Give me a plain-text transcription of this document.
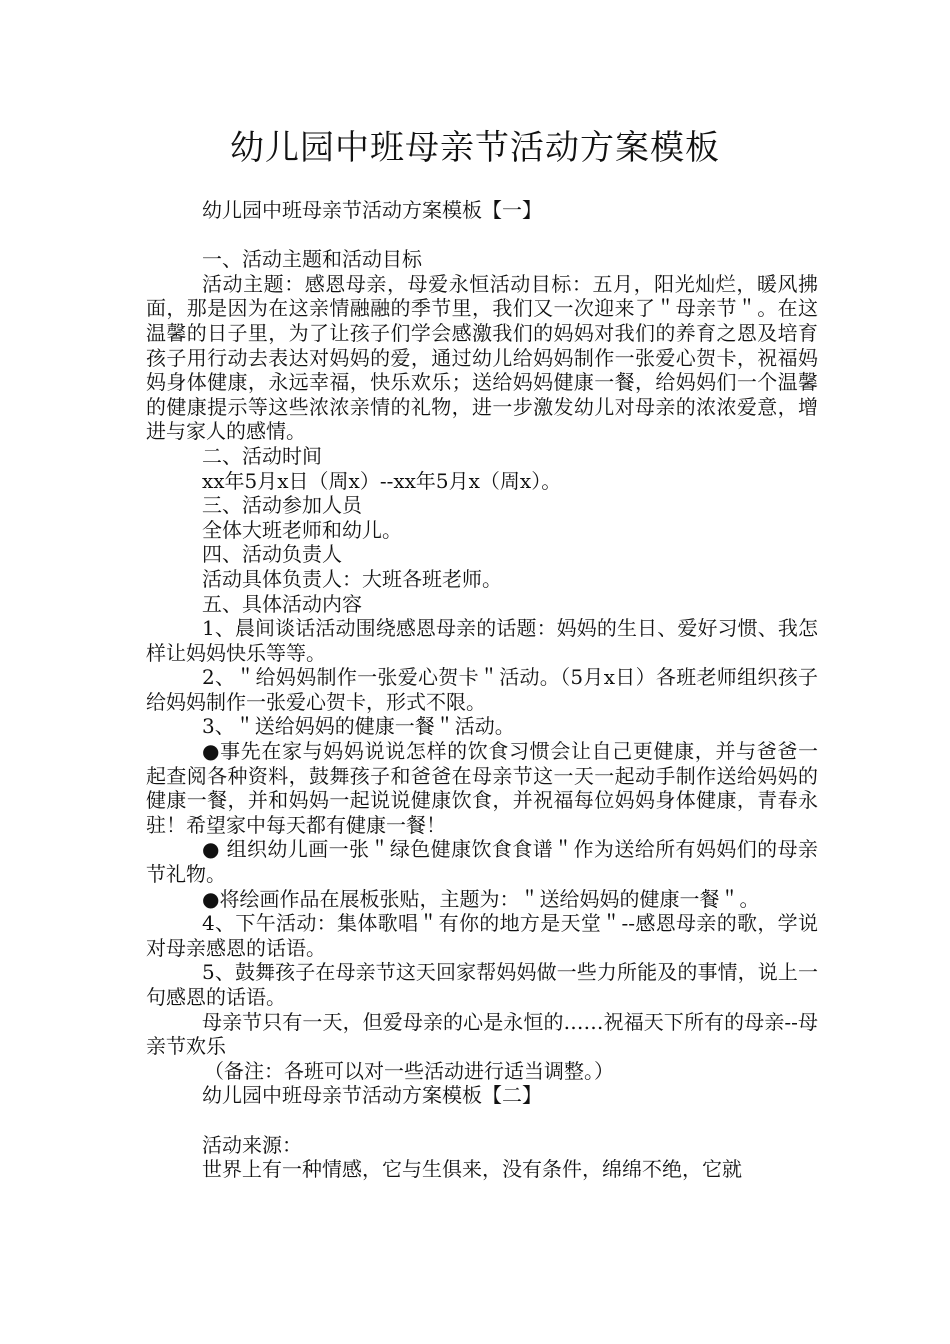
幼儿园中班母亲节活动方案模板

幼儿园中班母亲节活动方案模板【一】

一、活动主题和活动目标

活动主题：感恩母亲，母爱永恒活动目标：五月，阳光灿烂，暖风拂面，那是因为在这亲情融融的季节里，我们又一次迎来了＂母亲节＂。在这温馨的日子里，为了让孩子们学会感激我们的妈妈对我们的养育之恩及培育孩子用行动去表达对妈妈的爱，通过幼儿给妈妈制作一张爱心贺卡，祝福妈妈身体健康，永远幸福，快乐欢乐；送给妈妈健康一餐，给妈妈们一个温馨的健康提示等这些浓浓亲情的礼物，进一步激发幼儿对母亲的浓浓爱意，增进与家人的感情。

二、活动时间

xx年5月x日（周x）--xx年5月x（周x）。

三、活动参加人员

全体大班老师和幼儿。

四、活动负责人

活动具体负责人：大班各班老师。

五、具体活动内容

1、晨间谈话活动围绕感恩母亲的话题：妈妈的生日、爱好习惯、我怎样让妈妈快乐等等。

2、＂给妈妈制作一张爱心贺卡＂活动。（5月x日）各班老师组织孩子给妈妈制作一张爱心贺卡，形式不限。

3、＂送给妈妈的健康一餐＂活动。

●事先在家与妈妈说说怎样的饮食习惯会让自己更健康，并与爸爸一起查阅各种资料，鼓舞孩子和爸爸在母亲节这一天一起动手制作送给妈妈的健康一餐，并和妈妈一起说说健康饮食，并祝福每位妈妈身体健康，青春永驻！希望家中每天都有健康一餐！

● 组织幼儿画一张＂绿色健康饮食食谱＂作为送给所有妈妈们的母亲节礼物。

●将绘画作品在展板张贴，主题为：＂送给妈妈的健康一餐＂。

4、下午活动：集体歌唱＂有你的地方是天堂＂--感恩母亲的歌，学说对母亲感恩的话语。

5、鼓舞孩子在母亲节这天回家帮妈妈做一些力所能及的事情，说上一句感恩的话语。

母亲节只有一天，但爱母亲的心是永恒的……祝福天下所有的母亲--母亲节欢乐

（备注：各班可以对一些活动进行适当调整。）

幼儿园中班母亲节活动方案模板【二】

活动来源：

世界上有一种情感，它与生俱来，没有条件，绵绵不绝，它就
